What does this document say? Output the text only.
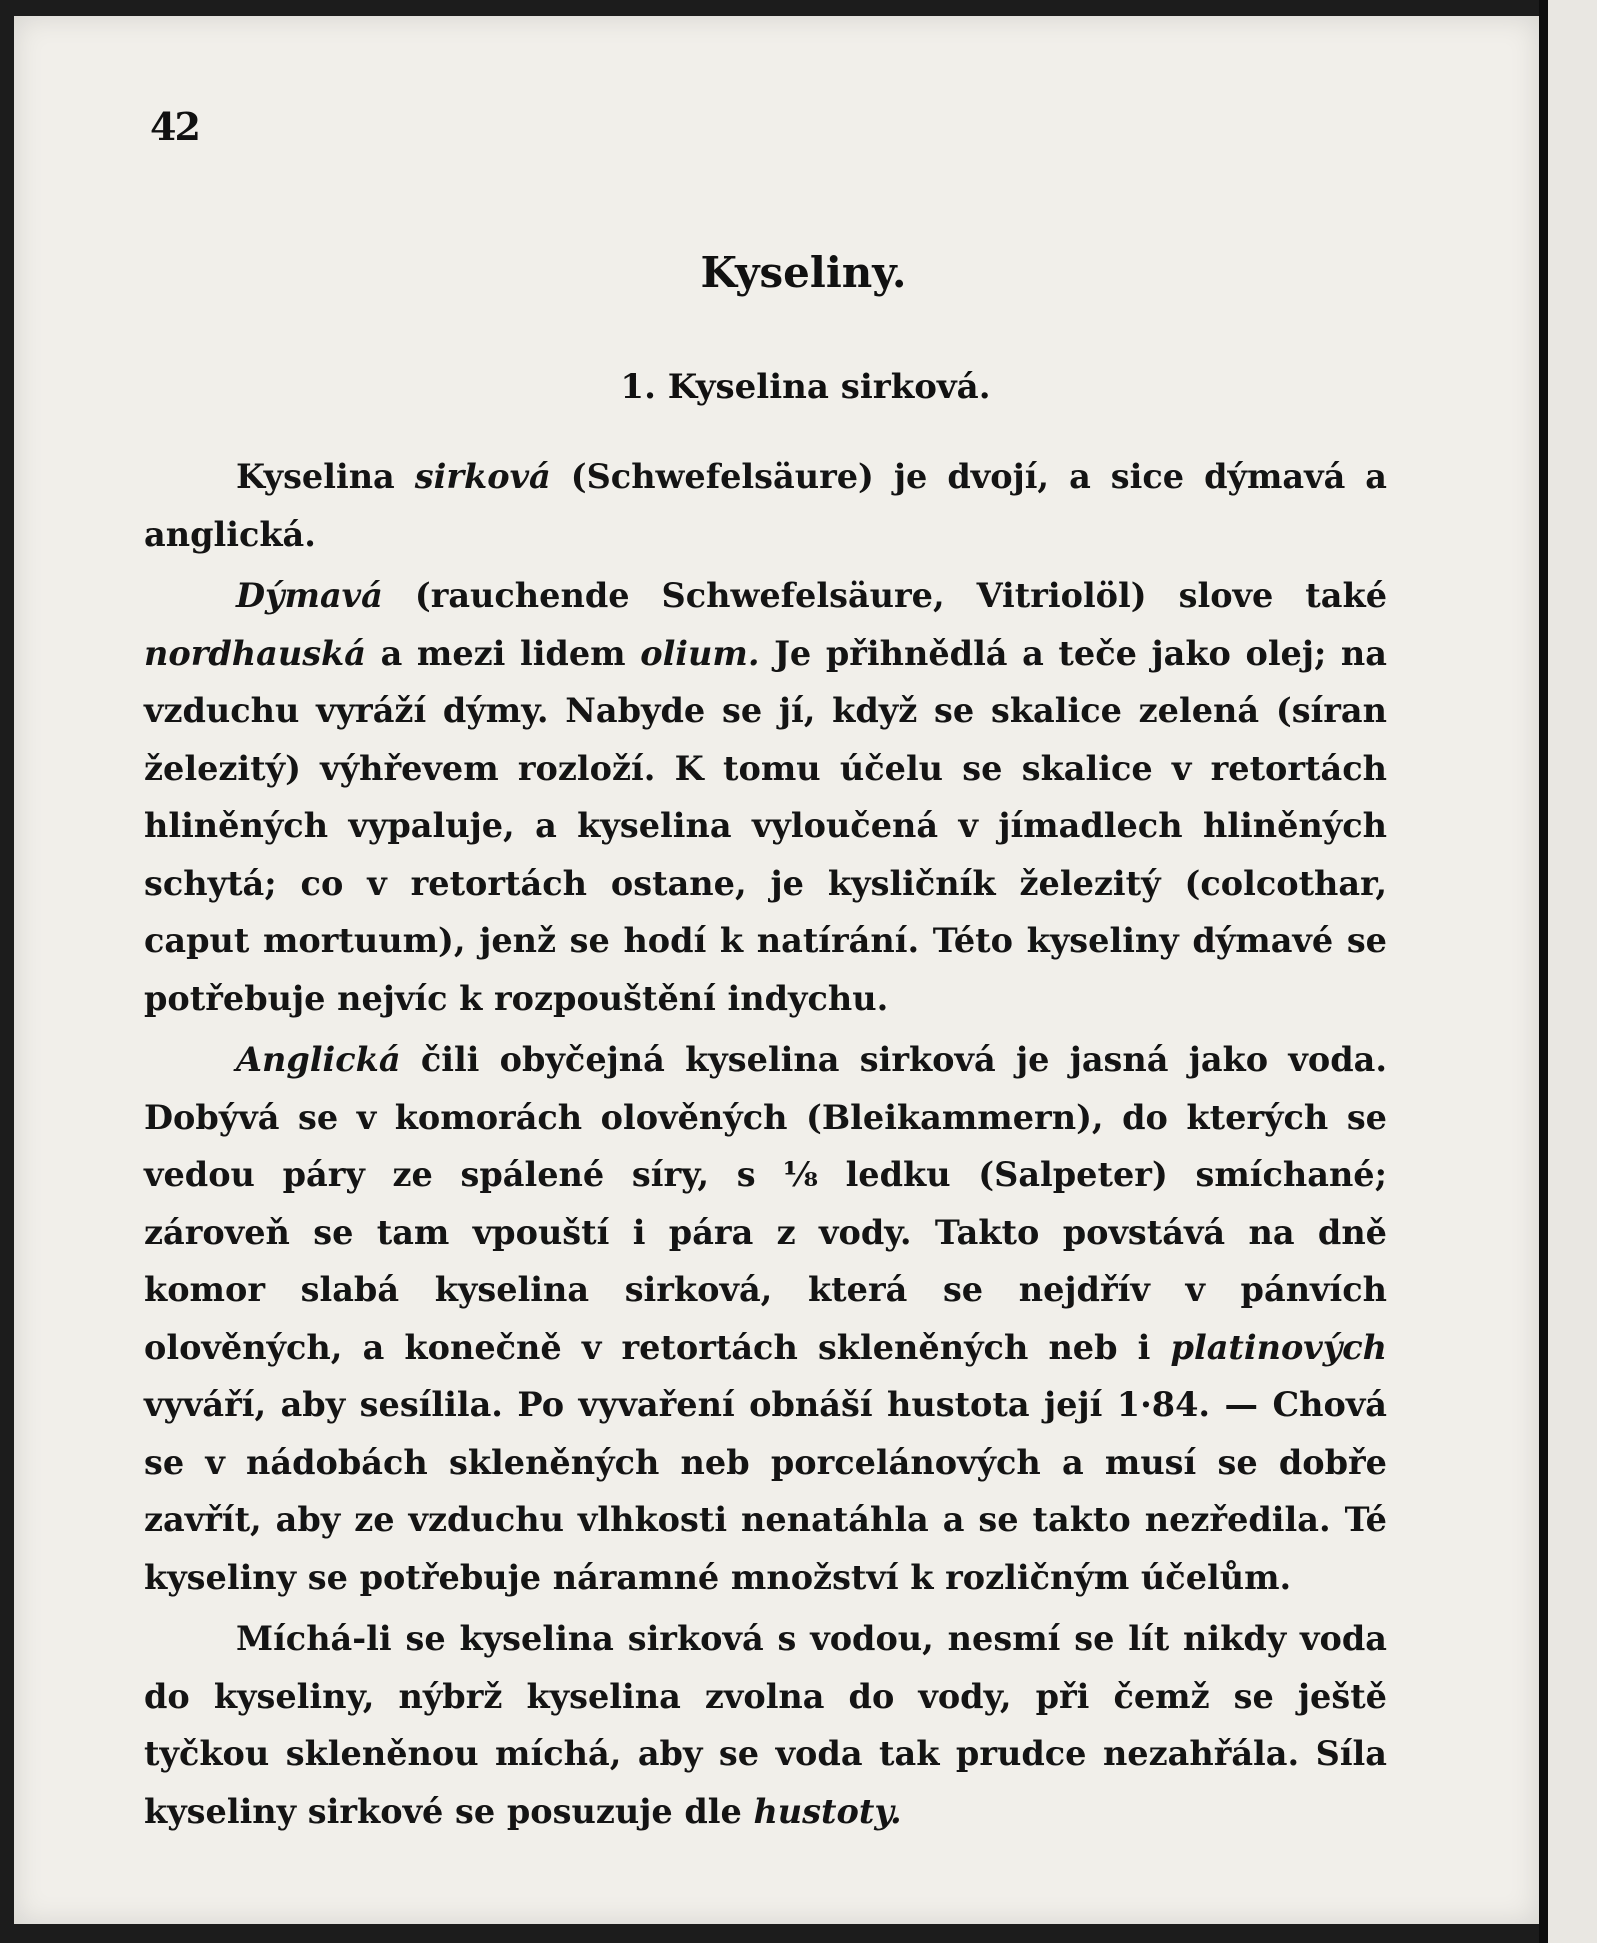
42
Kyseliny.
1. Kyselina sirková.

Kyselina sirková (Schwefelsäure) je dvojí, a sice dýmavá a anglická.

Dýmavá (rauchende Schwefelsäure, Vitriolöl) slove také nordhauská a mezi lidem olium. Je přihnědlá a teče jako olej; na vzduchu vyráží dýmy. Nabyde se jí, když se skalice zelená (síran železitý) výhřevem rozloží. K tomu účelu se skalice v retortách hliněných vypaluje, a kyselina vyloučená v jímadlech hliněných schytá; co v retortách ostane, je kysličník železitý (colcothar, caput mortuum), jenž se hodí k natírání. Této kyseliny dýmavé se potřebuje nejvíc k rozpouštění indychu.

Anglická čili obyčejná kyselina sirková je jasná jako voda. Dobývá se v komorách olověných (Bleikammern), do kterých se vedou páry ze spálené síry, s ⅛ ledku (Salpeter) smíchané; zároveň se tam vpouští i pára z vody. Takto povstává na dně komor slabá kyselina sirková, která se nejdřív v pánvích olověných, a konečně v retortách skleněných neb i platinových vyváří, aby sesílila. Po vyvaření obnáší hustota její 1·84. — Chová se v nádobách skleněných neb porcelánových a musí se dobře zavřít, aby ze vzduchu vlhkosti nenatáhla a se takto nezředila. Té kyseliny se potřebuje náramné množství k rozličným účelům.

Míchá-li se kyselina sirková s vodou, nesmí se lít nikdy voda do kyseliny, nýbrž kyselina zvolna do vody, při čemž se ještě tyčkou skleněnou míchá, aby se voda tak prudce nezahřála. Síla kyseliny sirkové se posuzuje dle hustoty.
